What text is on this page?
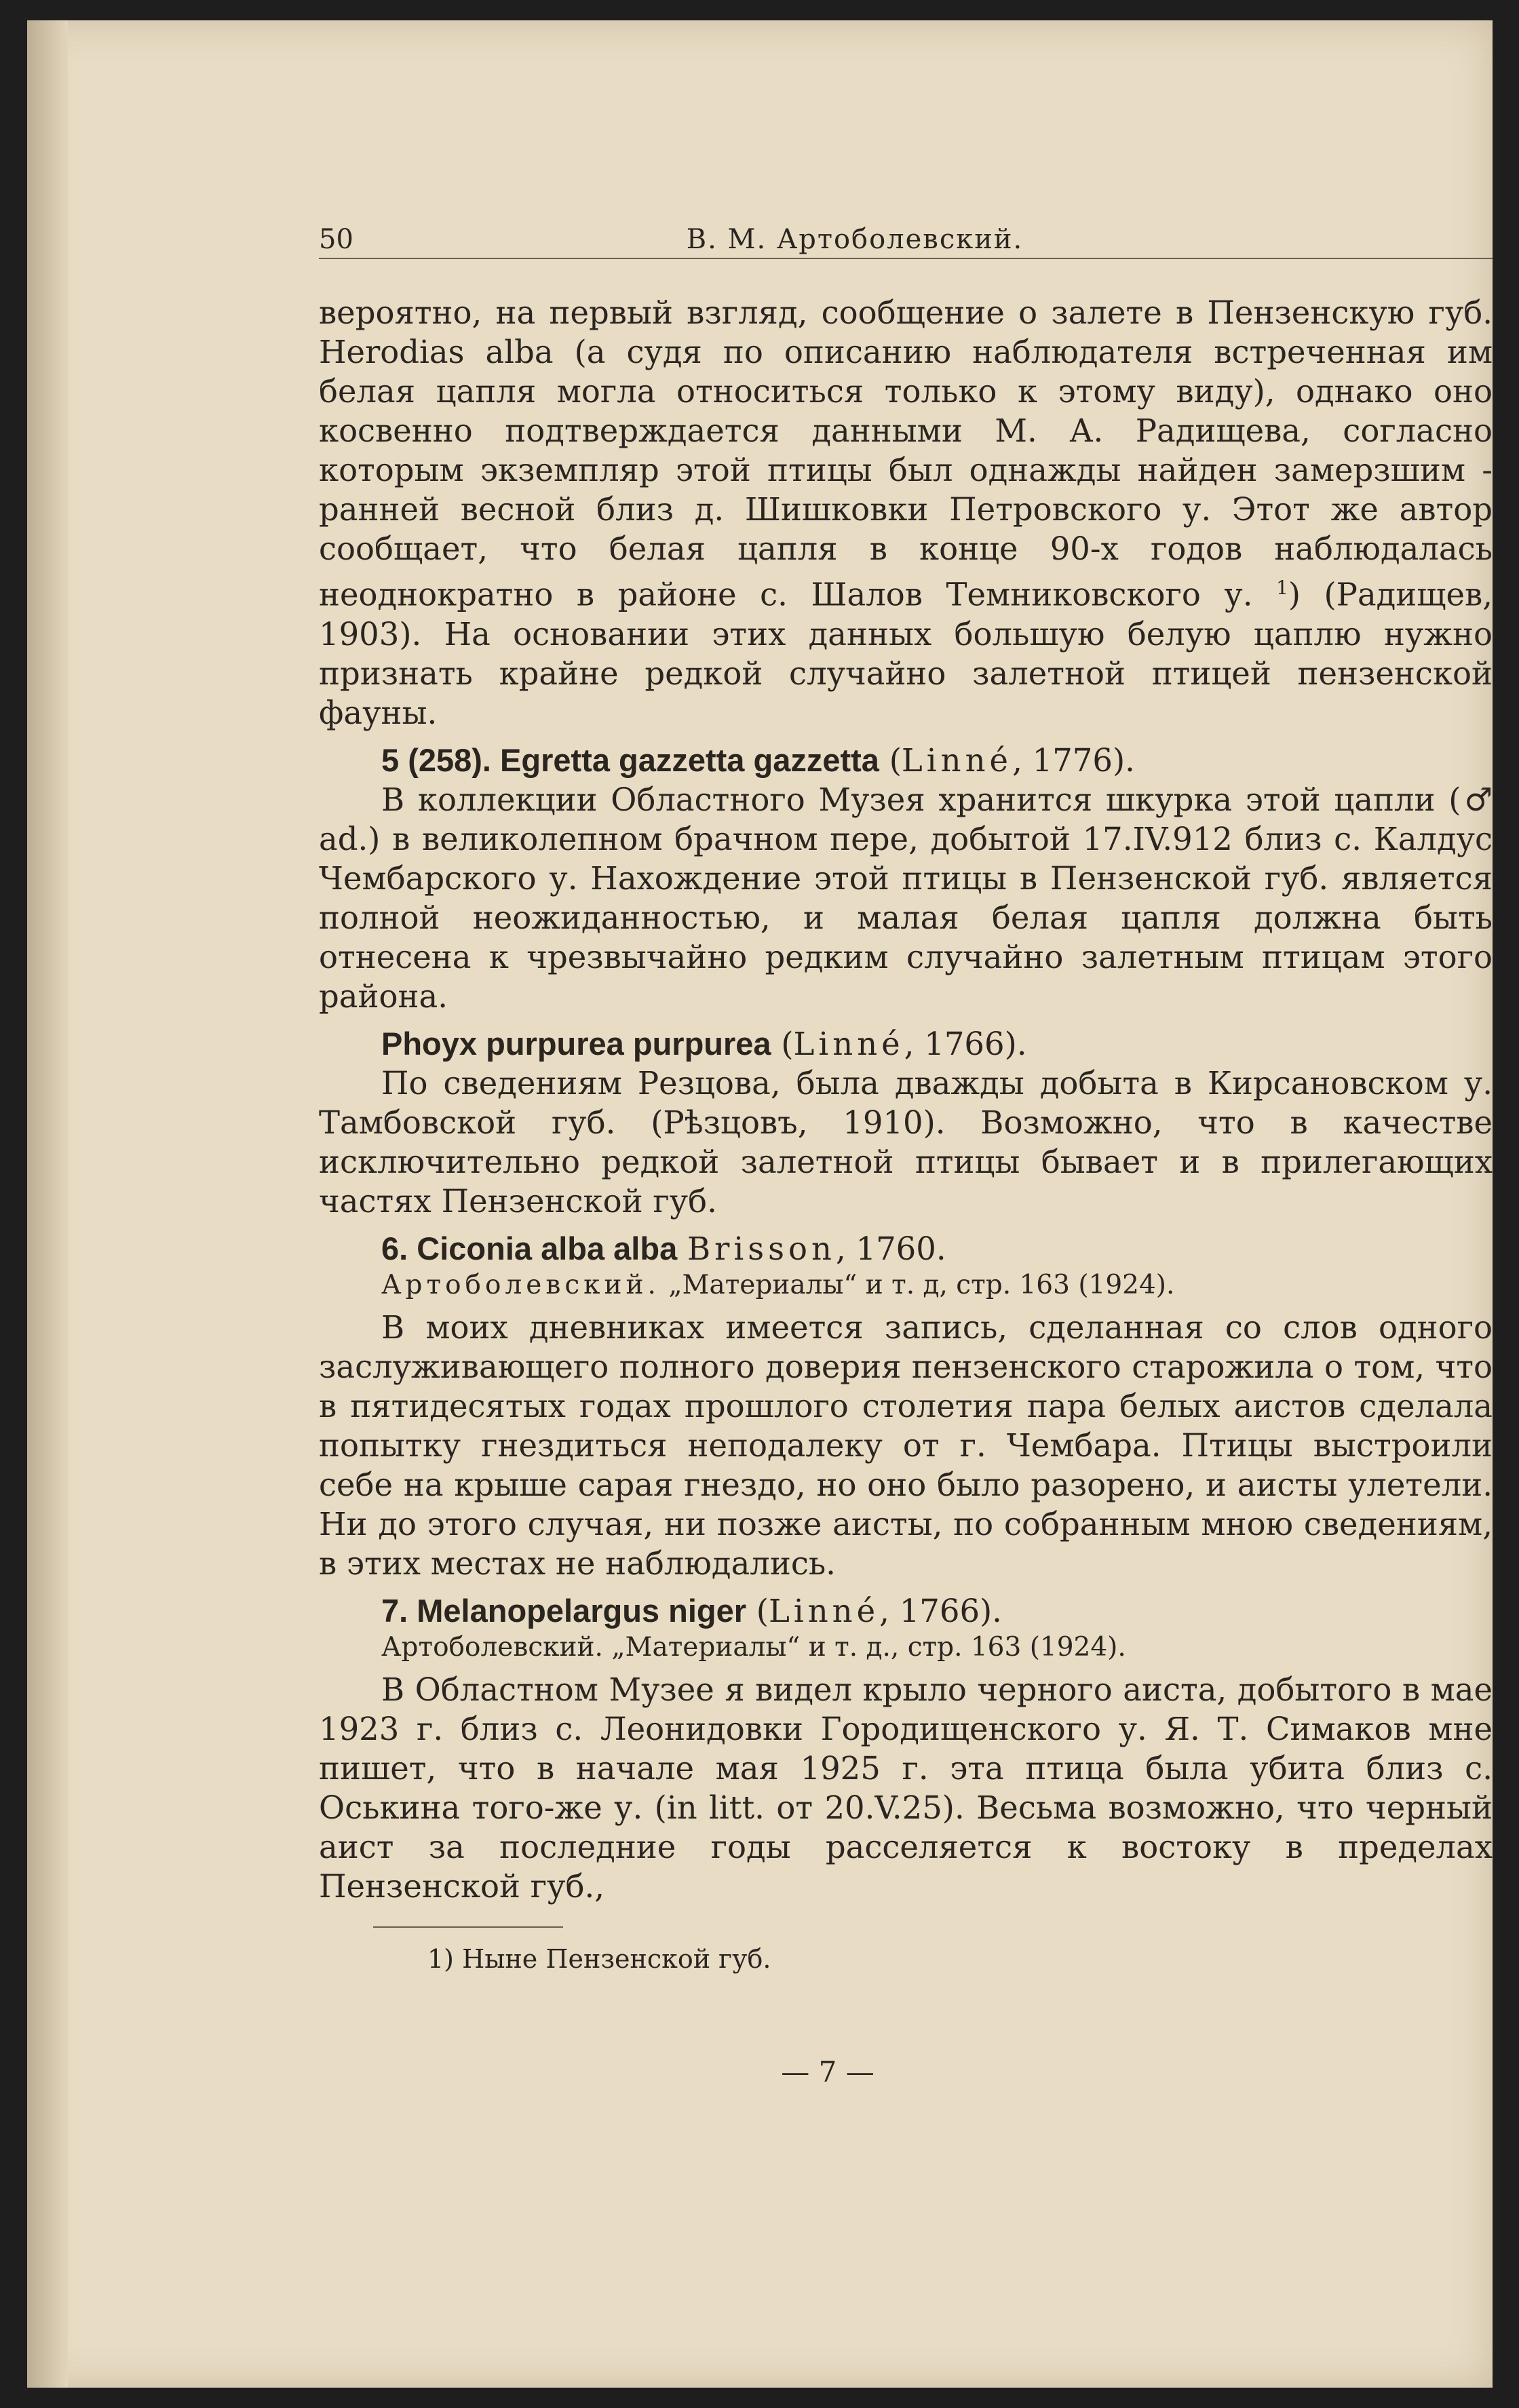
50	В. М. Артоболевский.

вероятно, на первый взгляд, сообщение о залете в Пензенскую губ. Herodias alba (а судя по описанию наблюдателя встреченная им белая цапля могла относиться только к этому виду), однако оно косвенно подтверждается данными М. А. Радищева, согласно которым экземпляр этой птицы был однажды найден замерзшим - ранней весной близ д. Шишковки Петровского у. Этот же автор сообщает, что белая цапля в конце 90-х годов наблюдалась неоднократно в районе с. Шалов Темниковского у. $^1$) (Радищев, 1903). На основании этих данных большую белую цаплю нужно признать крайне редкой случайно залетной птицей пензенской фауны.

5 (258). Egretta gazzetta gazzetta (Linné, 1776).

В коллекции Областного Музея хранится шкурка этой цапли (♂ ad.) в великолепном брачном пере, добытой 17.IV.912 близ с. Калдус Чембарского у. Нахождение этой птицы в Пензенской губ. является полной неожиданностью, и малая белая цапля должна быть отнесена к чрезвычайно редким случайно залетным птицам этого района.

Phoyx purpurea purpurea (Linné, 1766).

По сведениям Резцова, была дважды добыта в Кирсановском у. Тамбовской губ. (Рѣзцовъ, 1910). Возможно, что в качестве исключительно редкой залетной птицы бывает и в прилегающих частях Пензенской губ.

6. Ciconia alba alba Brisson, 1760.

Артоболевский. „Материалы“ и т. д, стр. 163 (1924).

В моих дневниках имеется запись, сделанная со слов одного заслуживающего полного доверия пензенского старожила о том, что в пятидесятых годах прошлого столетия пара белых аистов сделала попытку гнездиться неподалеку от г. Чембара. Птицы выстроили себе на крыше сарая гнездо, но оно было разорено, и аисты улетели. Ни до этого случая, ни позже аисты, по собранным мною сведениям, в этих местах не наблюдались.

7. Melanopelargus niger (Linné, 1766).

Артоболевский. „Материалы“ и т. д., стр. 163 (1924).

В Областном Музее я видел крыло черного аиста, добытого в мае 1923 г. близ с. Леонидовки Городищенского у. Я. Т. Симаков мне пишет, что в начале мая 1925 г. эта птица была убита близ с. Оськина того-же у. (in litt. от 20.V.25). Весьма возможно, что черный аист за последние годы расселяется к востоку в пределах Пензенской губ.,

1) Ныне Пензенской губ.
— 7 —
